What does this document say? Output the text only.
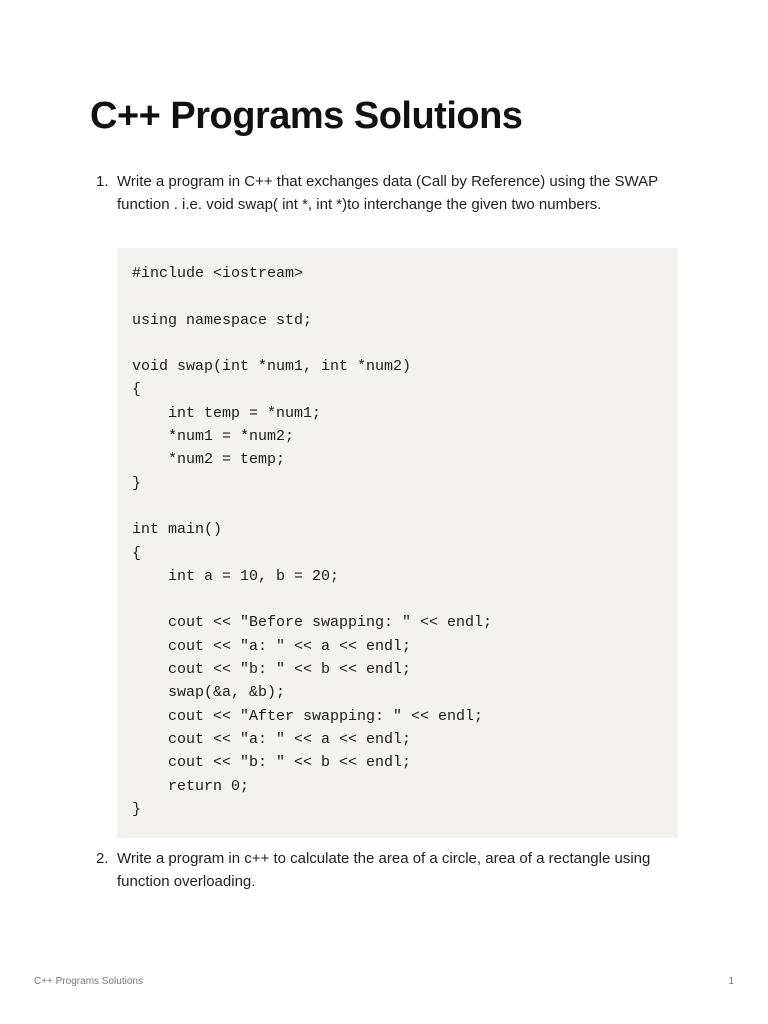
C++ Programs Solutions
1. Write a program in C++ that exchanges data (Call by Reference) using the SWAP function . i.e. void swap( int *, int *)to interchange the given two numbers.
#include <iostream>

using namespace std;

void swap(int *num1, int *num2)
{
int temp = *num1;
*num1 = *num2;
*num2 = temp;
}

int main()
{
int a = 10, b = 20;

cout << "Before swapping: " << endl;
cout << "a: " << a << endl;
cout << "b: " << b << endl;
swap(&a, &b);
cout << "After swapping: " << endl;
cout << "a: " << a << endl;
cout << "b: " << b << endl;
return 0;
}

2. Write a program in c++ to calculate the area of a circle, area of a rectangle using function overloading.
C++ Programs Solutions	1
